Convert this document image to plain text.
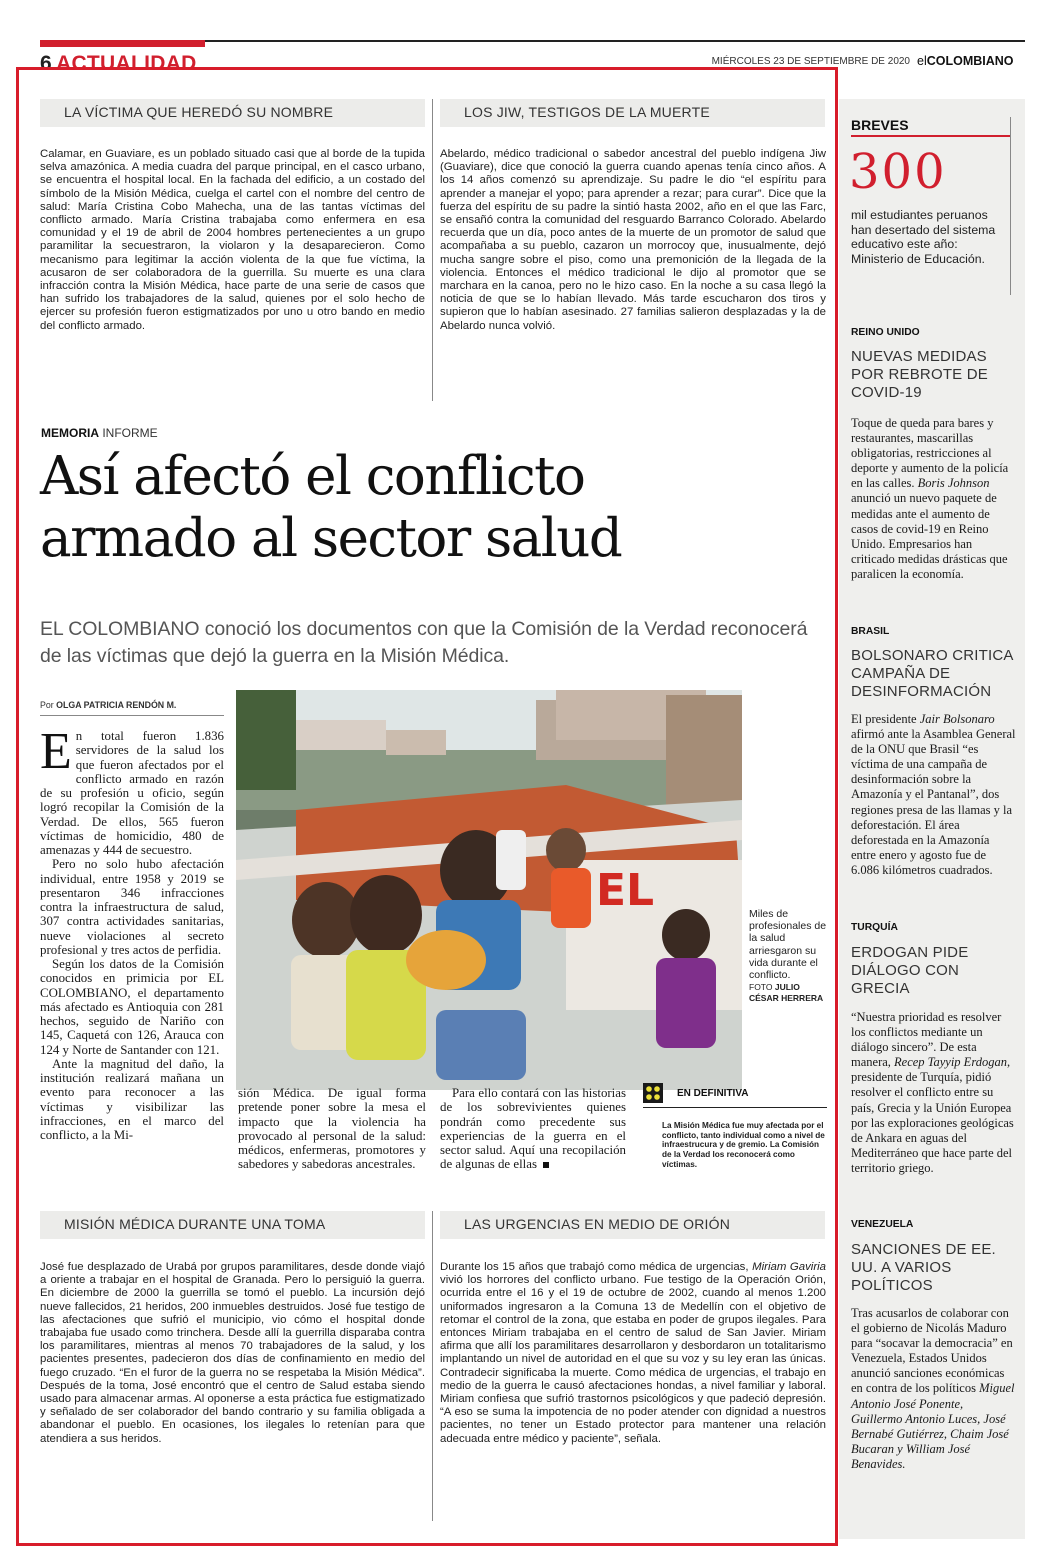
6 ACTUALIDAD	MIÉRCOLES 23 DE SEPTIEMBRE DE 2020 elCOLOMBIANO
LA VÍCTIMA QUE HEREDÓ SU NOMBRE
Calamar, en Guaviare, es un poblado situado casi que al borde de la tupida selva amazónica. A media cuadra del parque principal, en el casco urbano, se encuentra el hospital local. En la fachada del edificio, a un costado del símbolo de la Misión Médica, cuelga el cartel con el nombre del centro de salud: María Cristina Cobo Mahecha, una de las tantas víctimas del conflicto armado. María Cristina trabajaba como enfermera en esa comunidad y el 19 de abril de 2004 hombres pertenecientes a un grupo paramilitar la secuestraron, la violaron y la desaparecieron. Como mecanismo para legitimar la acción violenta de la que fue víctima, la acusaron de ser colaboradora de la guerrilla. Su muerte es una clara infracción contra la Misión Médica, hace parte de una serie de casos que han sufrido los trabajadores de la salud, quienes por el solo hecho de ejercer su profesión fueron estigmatizados por uno u otro bando en medio del conflicto armado.
LOS JIW, TESTIGOS DE LA MUERTE
Abelardo, médico tradicional o sabedor ancestral del pueblo indígena Jiw (Guaviare), dice que conoció la guerra cuando apenas tenía cinco años. A los 14 años comenzó su aprendizaje. Su padre le dio “el espíritu para aprender a manejar el yopo; para aprender a rezar; para curar”. Dice que la fuerza del espíritu de su padre la sintió hasta 2002, año en el que las Farc, se ensañó contra la comunidad del resguardo Barranco Colorado. Abelardo recuerda que un día, poco antes de la muerte de un promotor de salud que acompañaba a su pueblo, cazaron un morrocoy que, inusualmente, dejó mucha sangre sobre el piso, como una premonición de la llegada de la violencia. Entonces el médico tradicional le dijo al promotor que se marchara en la canoa, pero no le hizo caso. En la noche a su casa llegó la noticia de que se lo habían llevado. Más tarde escucharon dos tiros y supieron que lo habían asesinado. 27 familias salieron desplazadas y la de Abelardo nunca volvió.
MEMORIA INFORME
Así afectó el conflicto
armado al sector salud
EL COLOMBIANO conoció los documentos con que la Comisión de la Verdad reconocerá de las víctimas que dejó la guerra en la Misión Médica.
Por OLGA PATRICIA RENDÓN M.

En total fueron 1.836 servidores de la salud los que fueron afectados por el conflicto armado en razón de su profesión u oficio, según logró recopilar la Comisión de la Verdad. De ellos, 565 fueron víctimas de homicidio, 480 de amenazas y 444 de secuestro.

Pero no solo hubo afectación individual, entre 1958 y 2019 se presentaron 346 infracciones contra la infraestructura de salud, 307 contra actividades sanitarias, nueve violaciones al secreto profesional y tres actos de perfidia.

Según los datos de la Comisión conocidos en primicia por EL COLOMBIANO, el departamento más afectado es Antioquia con 281 hechos, seguido de Nariño con 145, Caquetá con 126, Arauca con 124 y Norte de Santander con 121.

Ante la magnitud del daño, la institución realizará mañana un evento para reconocer a las víctimas y visibilizar las infracciones, en el marco del conflicto, a la Mi-

EL	Miles de profesionales de la salud arriesgaron su vida durante el conflicto.
FOTO JULIO CÉSAR HERRERA
sión Médica. De igual forma pretende poner sobre la mesa el impacto que la violencia ha provocado al personal de la salud: médicos, enfermeras, promotores y sabedores y sabedoras ancestrales.
Para ello contará con las historias de los sobrevivientes quienes pondrán como precedente sus experiencias de la guerra en el sector salud. Aquí una recopilación de algunas de ellas
EN DEFINITIVA
La Misión Médica fue muy afectada por el conflicto, tanto individual como a nivel de infraestrucura y de gremio. La Comisión de la Verdad los reconocerá como víctimas.
MISIÓN MÉDICA DURANTE UNA TOMA
José fue desplazado de Urabá por grupos paramilitares, desde donde viajó a oriente a trabajar en el hospital de Granada. Pero lo persiguió la guerra. En diciembre de 2000 la guerrilla se tomó el pueblo. La incursión dejó nueve fallecidos, 21 heridos, 200 inmuebles destruidos. José fue testigo de las afectaciones que sufrió el municipio, vio cómo el hospital donde trabajaba fue usado como trinchera. Desde allí la guerrilla disparaba contra los paramilitares, mientras al menos 70 trabajadores de la salud, y los pacientes presentes, padecieron dos días de confinamiento en medio del fuego cruzado. “En el furor de la guerra no se respetaba la Misión Médica”. Después de la toma, José encontró que el centro de Salud estaba siendo usado para almacenar armas. Al oponerse a esta práctica fue estigmatizado y señalado de ser colaborador del bando contrario y su familia obligada a abandonar el pueblo. En ocasiones, los ilegales lo retenían para que atendiera a sus heridos.
LAS URGENCIAS EN MEDIO DE ORIÓN
Durante los 15 años que trabajó como médica de urgencias, Miriam Gaviria vivió los horrores del conflicto urbano. Fue testigo de la Operación Orión, ocurrida entre el 16 y el 19 de octubre de 2002, cuando al menos 1.200 uniformados ingresaron a la Comuna 13 de Medellín con el objetivo de retomar el control de la zona, que estaba en poder de grupos ilegales. Para entonces Miriam trabajaba en el centro de salud de San Javier. Miriam afirma que allí los paramilitares desarrollaron y desbordaron un totalitarismo implantando un nivel de autoridad en el que su voz y su ley eran las únicas. Contradecir significaba la muerte. Como médica de urgencias, el trabajo en medio de la guerra le causó afectaciones hondas, a nivel familiar y laboral. Miriam confiesa que sufrió trastornos psicológicos y que padeció depresión. “A eso se suma la impotencia de no poder atender con dignidad a nuestros pacientes, no tener un Estado protector para mantener una relación adecuada entre médico y paciente”, señala.
BREVES
300
mil estudiantes peruanos han desertado del sistema educativo este año: Ministerio de Educación.
REINO UNIDO
NUEVAS MEDIDAS POR REBROTE DE COVID-19
Toque de queda para bares y restaurantes, mascarillas obligatorias, restricciones al deporte y aumento de la policía en las calles. Boris Johnson anunció un nuevo paquete de medidas ante el aumento de casos de covid-19 en Reino Unido. Empresarios han criticado medidas drásticas que paralicen la economía.
BRASIL
BOLSONARO CRITICA CAMPAÑA DE DESINFORMACIÓN
El presidente Jair Bolsonaro afirmó ante la Asamblea General de la ONU que Brasil “es víctima de una campaña de desinformación sobre la Amazonía y el Pantanal”, dos regiones presa de las llamas y la deforestación. El área deforestada en la Amazonía entre enero y agosto fue de 6.086 kilómetros cuadrados.
TURQUÍA
ERDOGAN PIDE DIÁLOGO CON GRECIA
“Nuestra prioridad es resolver los conflictos mediante un diálogo sincero”. De esta manera, Recep Tayyip Erdogan, presidente de Turquía, pidió resolver el conflicto entre su país, Grecia y la Unión Europea por las exploraciones geológicas de Ankara en aguas del Mediterráneo que hace parte del territorio griego.
VENEZUELA
SANCIONES DE EE. UU. A VARIOS POLÍTICOS
Tras acusarlos de colaborar con el gobierno de Nicolás Maduro para “socavar la democracia” en Venezuela, Estados Unidos anunció sanciones económicas en contra de los políticos Miguel Antonio José Ponente, Guillermo Antonio Luces, José Bernabé Gutiérrez, Chaim José Bucaran y William José Benavides.
